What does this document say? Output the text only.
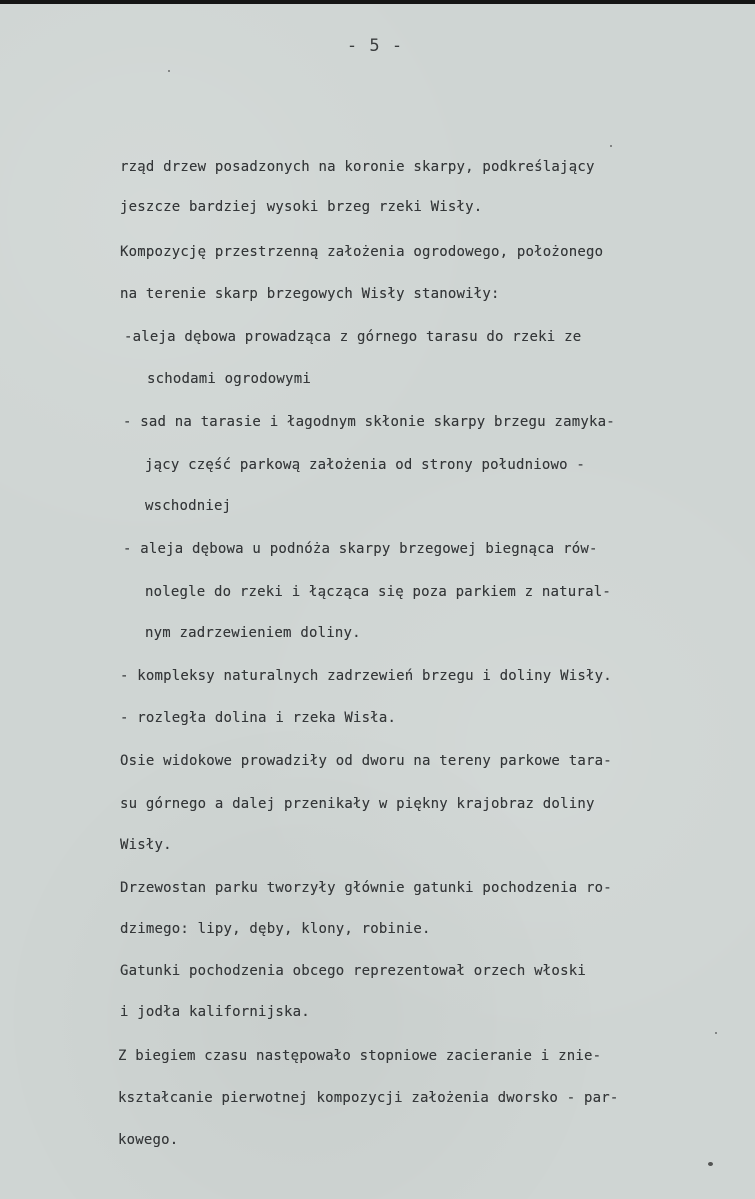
- 5 -
rząd drzew posadzonych na koronie skarpy, podkreślający
jeszcze bardziej wysoki brzeg rzeki Wisły.
Kompozycję przestrzenną założenia ogrodowego, położonego
na terenie skarp brzegowych Wisły stanowiły:
-aleja dębowa prowadząca z górnego tarasu do rzeki ze
schodami ogrodowymi
- sad na tarasie i łagodnym skłonie skarpy brzegu zamyka-
jący część parkową założenia od strony południowo -
wschodniej
- aleja dębowa u podnóża skarpy brzegowej biegnąca rów-
nolegle do rzeki i łącząca się poza parkiem z natural-
nym zadrzewieniem doliny.
- kompleksy naturalnych zadrzewień brzegu i doliny Wisły.
- rozległa dolina i rzeka Wisła.
Osie widokowe prowadziły od dworu na tereny parkowe tara-
su górnego a dalej przenikały w piękny krajobraz doliny
Wisły.
Drzewostan parku tworzyły głównie gatunki pochodzenia ro-
dzimego: lipy, dęby, klony, robinie.
Gatunki pochodzenia obcego reprezentował orzech włoski
i jodła kalifornijska.
Z biegiem czasu następowało stopniowe zacieranie i znie-
kształcanie pierwotnej kompozycji założenia dworsko - par-
kowego.
